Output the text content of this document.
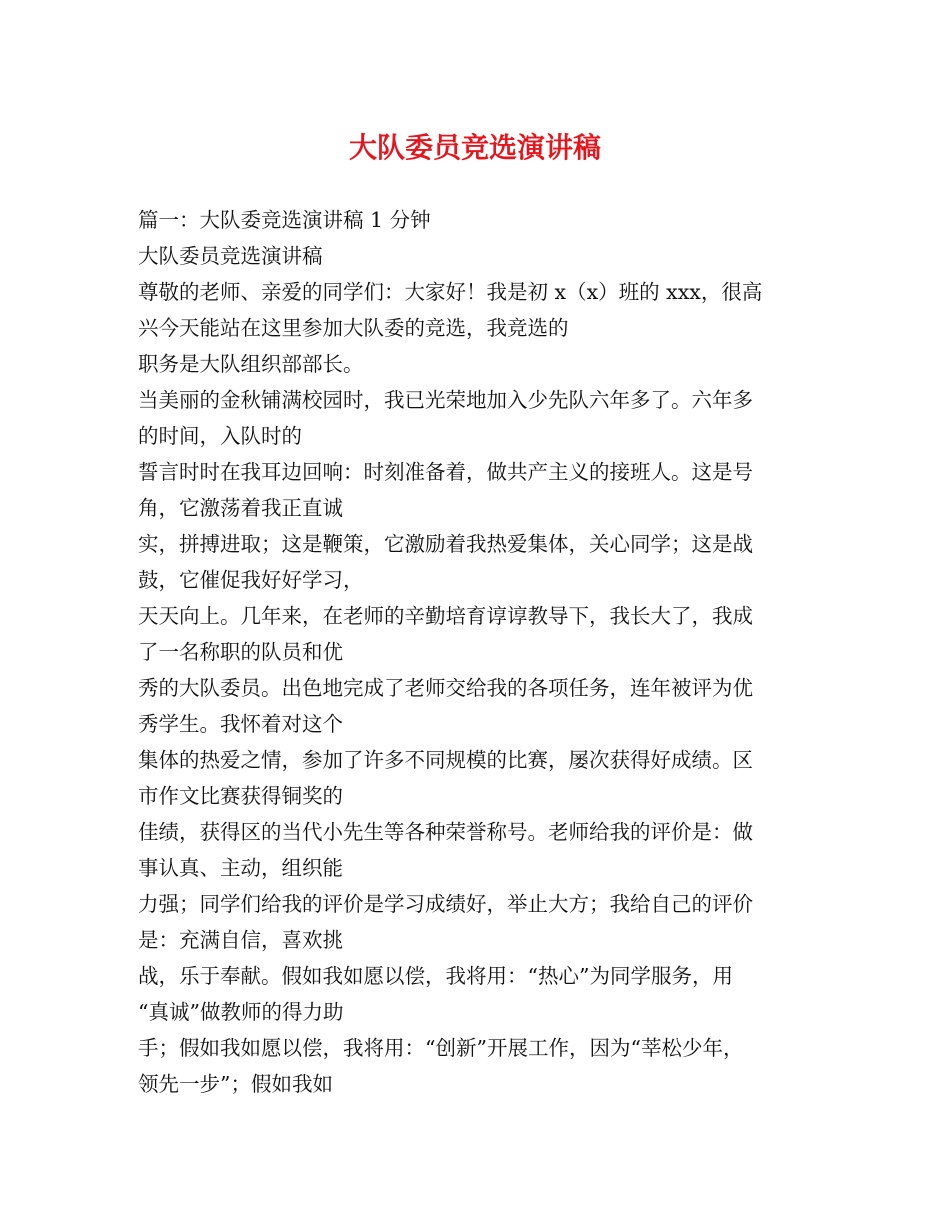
大队委员竞选演讲稿
篇一：大队委竞选演讲稿 1 分钟
大队委员竞选演讲稿
尊敬的老师、亲爱的同学们：大家好！我是初 x（x）班的 xxx，很高
兴今天能站在这里参加大队委的竞选，我竞选的
职务是大队组织部部长。
当美丽的金秋铺满校园时，我已光荣地加入少先队六年多了。六年多
的时间，入队时的
誓言时时在我耳边回响：时刻准备着，做共产主义的接班人。这是号
角，它激荡着我正直诚
实，拼搏进取；这是鞭策，它激励着我热爱集体，关心同学；这是战
鼓，它催促我好好学习，
天天向上。几年来，在老师的辛勤培育谆谆教导下，我长大了，我成
了一名称职的队员和优
秀的大队委员。出色地完成了老师交给我的各项任务，连年被评为优
秀学生。我怀着对这个
集体的热爱之情，参加了许多不同规模的比赛，屡次获得好成绩。区
市作文比赛获得铜奖的
佳绩，获得区的当代小先生等各种荣誉称号。老师给我的评价是：做
事认真、主动，组织能
力强；同学们给我的评价是学习成绩好，举止大方；我给自己的评价
是：充满自信，喜欢挑
战，乐于奉献。假如我如愿以偿，我将用：“热心”为同学服务，用
“真诚”做教师的得力助
手；假如我如愿以偿，我将用：“创新”开展工作，因为“莘松少年，
领先一步”；假如我如
